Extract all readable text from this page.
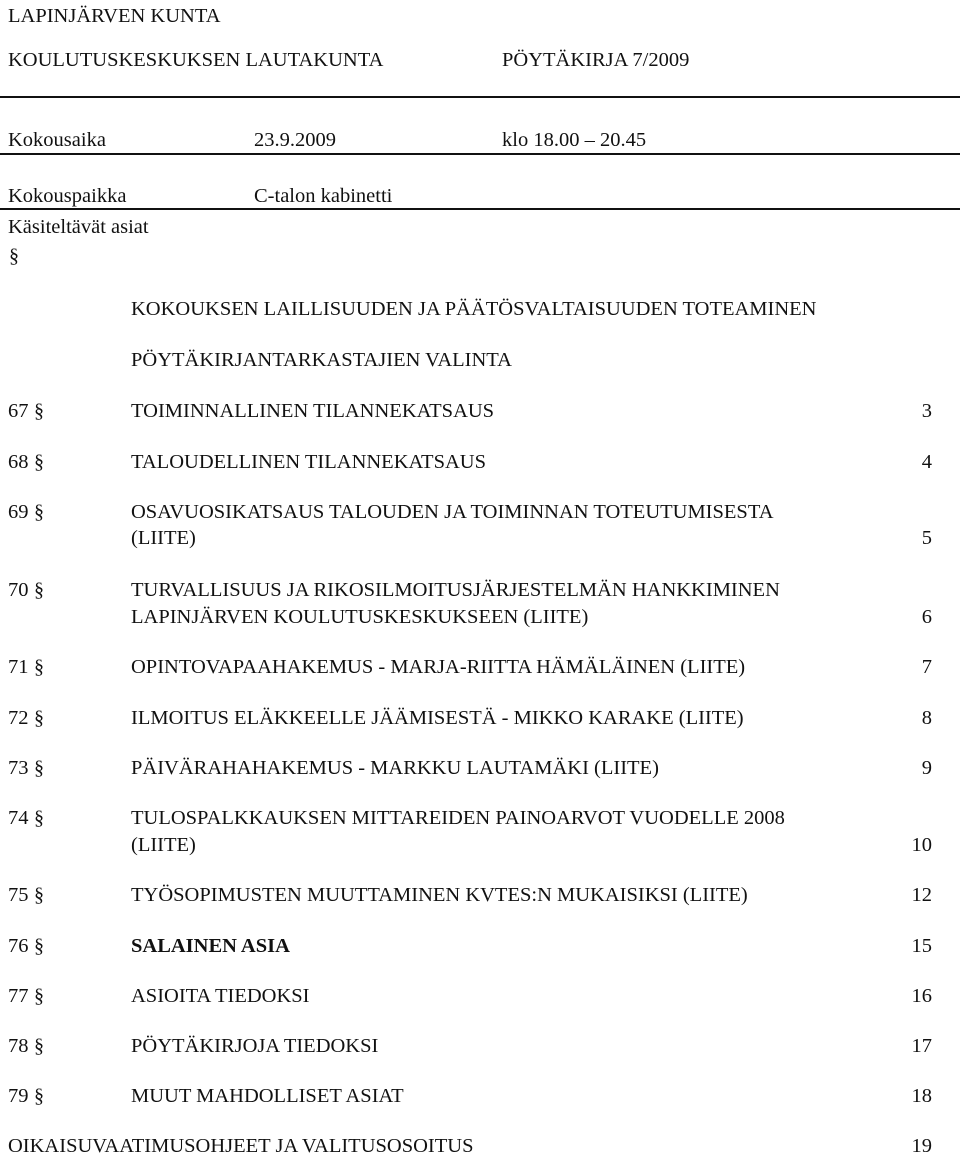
LAPINJÄRVEN KUNTA
KOULUTUSKESKUKSEN LAUTAKUNTA	PÖYTÄKIRJA 7/2009
Kokousaika	23.9.2009	klo 18.00 – 20.45
Kokouspaikka	C-talon kabinetti
Käsiteltävät asiat
§
KOKOUKSEN LAILLISUUDEN JA PÄÄTÖSVALTAISUUDEN TOTEAMINEN
PÖYTÄKIRJANTARKASTAJIEN VALINTA
67 §	TOIMINNALLINEN TILANNEKATSAUS	3
68 §	TALOUDELLINEN TILANNEKATSAUS	4
69 §	OSAVUOSIKATSAUS TALOUDEN JA TOIMINNAN TOTEUTUMISESTA
(LIITE)	5
70 §	TURVALLISUUS JA RIKOSILMOITUSJÄRJESTELMÄN HANKKIMINEN
LAPINJÄRVEN KOULUTUSKESKUKSEEN (LIITE)	6
71 §	OPINTOVAPAAHAKEMUS - MARJA-RIITTA HÄMÄLÄINEN (LIITE)	7
72 §	ILMOITUS ELÄKKEELLE JÄÄMISESTÄ - MIKKO KARAKE (LIITE)	8
73 §	PÄIVÄRAHAHAKEMUS - MARKKU LAUTAMÄKI (LIITE)	9
74 §	TULOSPALKKAUKSEN MITTAREIDEN PAINOARVOT VUODELLE 2008
(LIITE)	10
75 §	TYÖSOPIMUSTEN MUUTTAMINEN KVTES:N MUKAISIKSI (LIITE)	12
76 §	SALAINEN ASIA	15
77 §	ASIOITA TIEDOKSI	16
78 §	PÖYTÄKIRJOJA TIEDOKSI	17
79 §	MUUT MAHDOLLISET ASIAT	18
OIKAISUVAATIMUSOHJEET JA VALITUSOSOITUS	19
